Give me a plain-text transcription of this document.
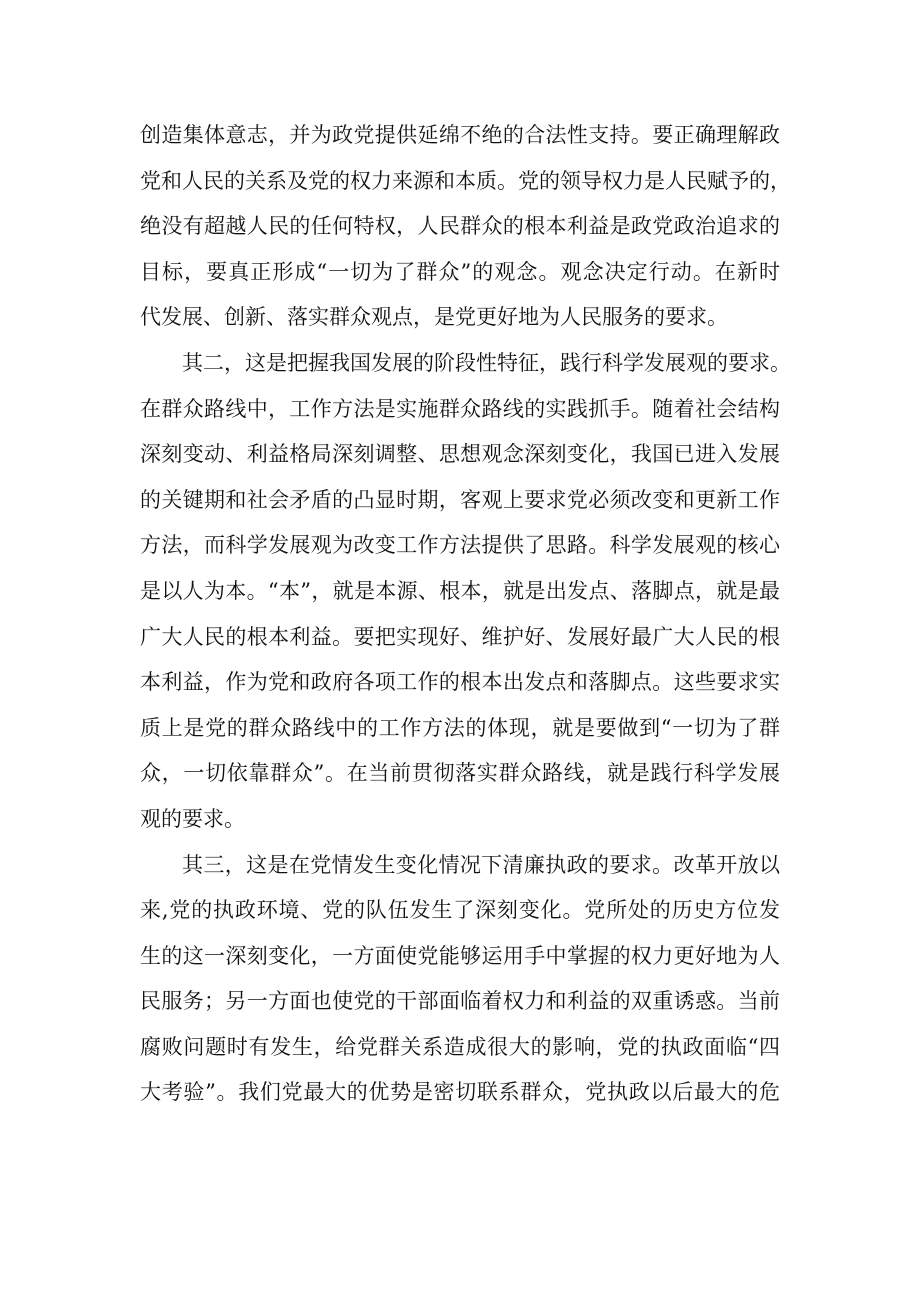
创造集体意志，并为政党提供延绵不绝的合法性支持。要正确理解政
党和人民的关系及党的权力来源和本质。党的领导权力是人民赋予的，
绝没有超越人民的任何特权，人民群众的根本利益是政党政治追求的
目标，要真正形成“一切为了群众”的观念。观念决定行动。在新时
代发展、创新、落实群众观点，是党更好地为人民服务的要求。
其二，这是把握我国发展的阶段性特征，践行科学发展观的要求。
在群众路线中，工作方法是实施群众路线的实践抓手。随着社会结构
深刻变动、利益格局深刻调整、思想观念深刻变化，我国已进入发展
的关键期和社会矛盾的凸显时期，客观上要求党必须改变和更新工作
方法，而科学发展观为改变工作方法提供了思路。科学发展观的核心
是以人为本。“本”，就是本源、根本，就是出发点、落脚点，就是最
广大人民的根本利益。要把实现好、维护好、发展好最广大人民的根
本利益，作为党和政府各项工作的根本出发点和落脚点。这些要求实
质上是党的群众路线中的工作方法的体现，就是要做到“一切为了群
众，一切依靠群众”。在当前贯彻落实群众路线，就是践行科学发展
观的要求。
其三，这是在党情发生变化情况下清廉执政的要求。改革开放以
来,党的执政环境、党的队伍发生了深刻变化。党所处的历史方位发
生的这一深刻变化，一方面使党能够运用手中掌握的权力更好地为人
民服务；另一方面也使党的干部面临着权力和利益的双重诱惑。当前
腐败问题时有发生，给党群关系造成很大的影响，党的执政面临“四
大考验”。我们党最大的优势是密切联系群众，党执政以后最大的危
